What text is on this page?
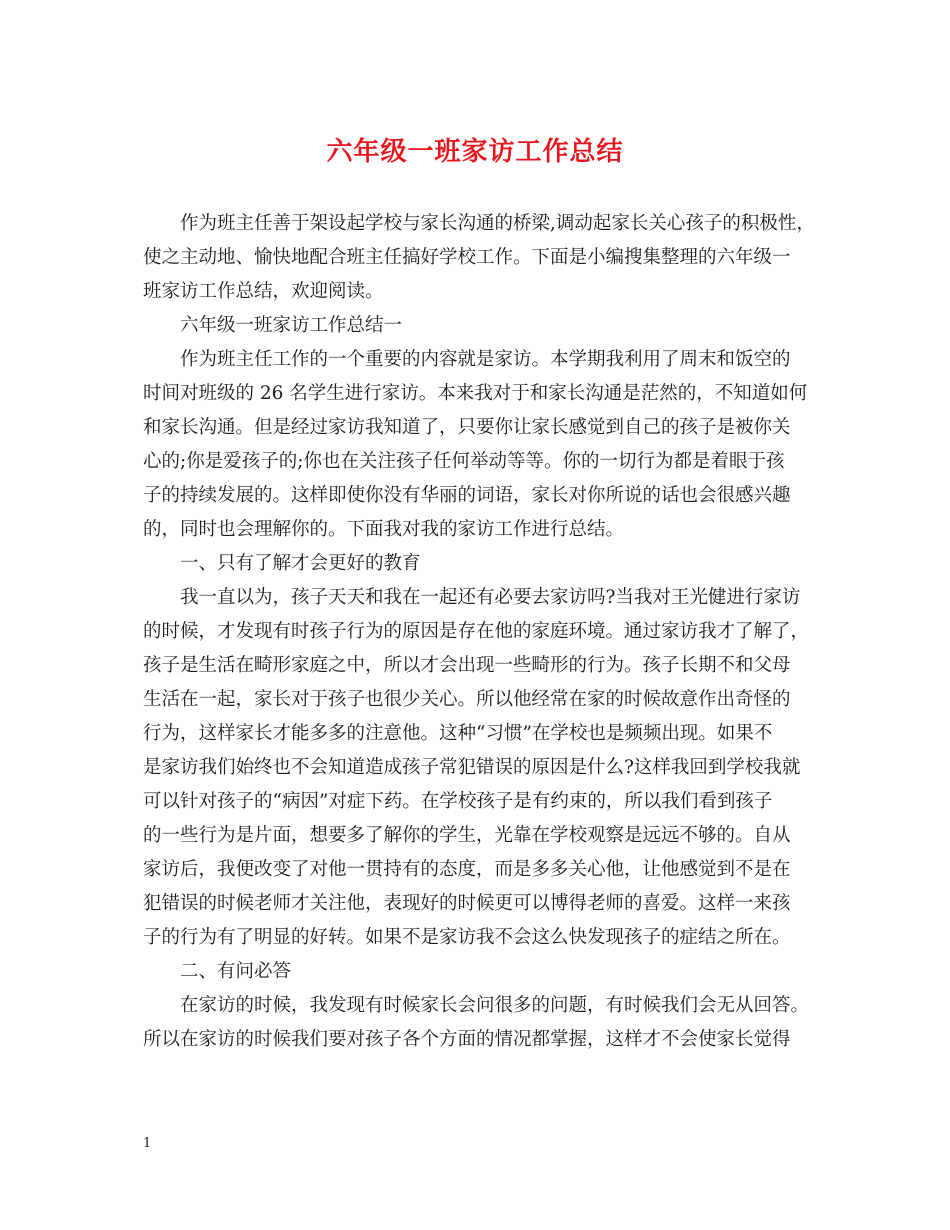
六年级一班家访工作总结
作为班主任善于架设起学校与家长沟通的桥梁,调动起家长关心孩子的积极性，
使之主动地、愉快地配合班主任搞好学校工作。下面是小编搜集整理的六年级一
班家访工作总结，欢迎阅读。
六年级一班家访工作总结一
作为班主任工作的一个重要的内容就是家访。本学期我利用了周末和饭空的
时间对班级的 26 名学生进行家访。本来我对于和家长沟通是茫然的，不知道如何
和家长沟通。但是经过家访我知道了，只要你让家长感觉到自己的孩子是被你关
心的;你是爱孩子的;你也在关注孩子任何举动等等。你的一切行为都是着眼于孩
子的持续发展的。这样即使你没有华丽的词语，家长对你所说的话也会很感兴趣
的，同时也会理解你的。下面我对我的家访工作进行总结。
一、只有了解才会更好的教育
我一直以为，孩子天天和我在一起还有必要去家访吗?当我对王光健进行家访
的时候，才发现有时孩子行为的原因是存在他的家庭环境。通过家访我才了解了，
孩子是生活在畸形家庭之中，所以才会出现一些畸形的行为。孩子长期不和父母
生活在一起，家长对于孩子也很少关心。所以他经常在家的时候故意作出奇怪的
行为，这样家长才能多多的注意他。这种“习惯”在学校也是频频出现。如果不
是家访我们始终也不会知道造成孩子常犯错误的原因是什么?这样我回到学校我就
可以针对孩子的“病因”对症下药。在学校孩子是有约束的，所以我们看到孩子
的一些行为是片面，想要多了解你的学生，光靠在学校观察是远远不够的。自从
家访后，我便改变了对他一贯持有的态度，而是多多关心他，让他感觉到不是在
犯错误的时候老师才关注他，表现好的时候更可以博得老师的喜爱。这样一来孩
子的行为有了明显的好转。如果不是家访我不会这么快发现孩子的症结之所在。
二、有问必答
在家访的时候，我发现有时候家长会问很多的问题，有时候我们会无从回答。
所以在家访的时候我们要对孩子各个方面的情况都掌握，这样才不会使家长觉得
1
